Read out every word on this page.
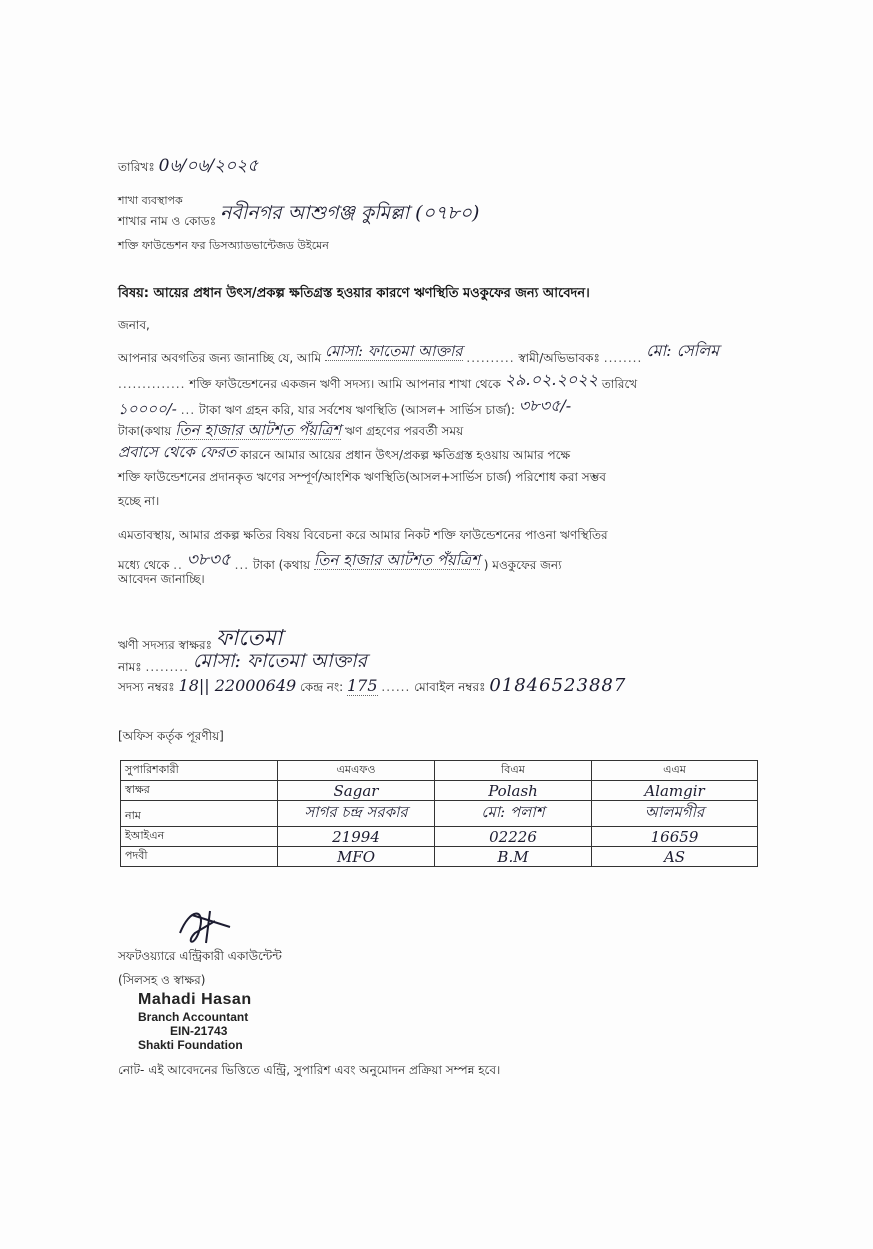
তারিখঃ 0৬/০৬/২০২৫
শাখা ব্যবস্থাপক
শাখার নাম ও কোডঃ নবীনগর আশুগঞ্জ কুমিল্লা (০৭৮০)
শক্তি ফাউন্ডেশন ফর ডিসঅ্যাডভান্টেজড উইমেন
বিষয়: আয়ের প্রধান উৎস/প্রকল্প ক্ষতিগ্রস্ত হওয়ার কারণে ঋণস্থিতি মওকুফের জন্য আবেদন।
জনাব,
আপনার অবগতির জন্য জানাচ্ছি যে, আমি মোসা: ফাতেমা আক্তার .......... স্বামী/অভিভাবকঃ ........ মো: সেলিম
.............. শক্তি ফাউন্ডেশনের একজন ঋণী সদস্য। আমি আপনার শাখা থেকে ২৯.০২.২০২২ তারিখে
১০০০০/- ... টাকা ঋণ গ্রহন করি, যার সর্বশেষ ঋণস্থিতি (আসল+ সার্ভিস চার্জ): ৩৮৩৫/-
টাকা(কথায় তিন হাজার আটশত পঁয়ত্রিশ ঋণ গ্রহণের পরবর্তী সময়
প্রবাসে থেকে ফেরত কারনে আমার আয়ের প্রধান উৎস/প্রকল্প ক্ষতিগ্রস্ত হওয়ায় আমার পক্ষে
শক্তি ফাউন্ডেশনের প্রদানকৃত ঋণের সম্পূর্ণ/আংশিক ঋণস্থিতি(আসল+সার্ভিস চার্জ) পরিশোধ করা সম্ভব
হচ্ছে না।
এমতাবস্থায়, আমার প্রকল্প ক্ষতির বিষয় বিবেচনা করে আমার নিকট শক্তি ফাউন্ডেশনের পাওনা ঋণস্থিতির
মধ্যে থেকে .. ৩৮৩৫ ... টাকা (কথায় তিন হাজার আটশত পঁয়ত্রিশ ) মওকুফের জন্য
আবেদন জানাচ্ছি।
ঋণী সদস্যর স্বাক্ষরঃ ফাতেমা
নামঃ ......... মোসা: ফাতেমা আক্তার
সদস্য নম্বরঃ 18|| 22000649 কেন্দ্র নং: 175 ...... মোবাইল নম্বরঃ 01846523887
[অফিস কর্তৃক পূরণীয়]
সুপারিশকারী	এমএফও	বিএম	এএম
স্বাক্ষর	Sagar	Polash	Alamgir
নাম	সাগর চন্দ্র সরকার	মো: পলাশ	আলমগীর
ইআইএন	21994	02226	16659
পদবী	MFO	B.M	AS
সফটওয়্যারে এন্ট্রিকারী একাউন্টেন্ট
(সিলসহ ও স্বাক্ষর)
Mahadi Hasan
Branch Accountant
EIN-21743
Shakti Foundation
নোট- এই আবেদনের ভিত্তিতে এন্ট্রি, সুপারিশ এবং অনুমোদন প্রক্রিয়া সম্পন্ন হবে।
